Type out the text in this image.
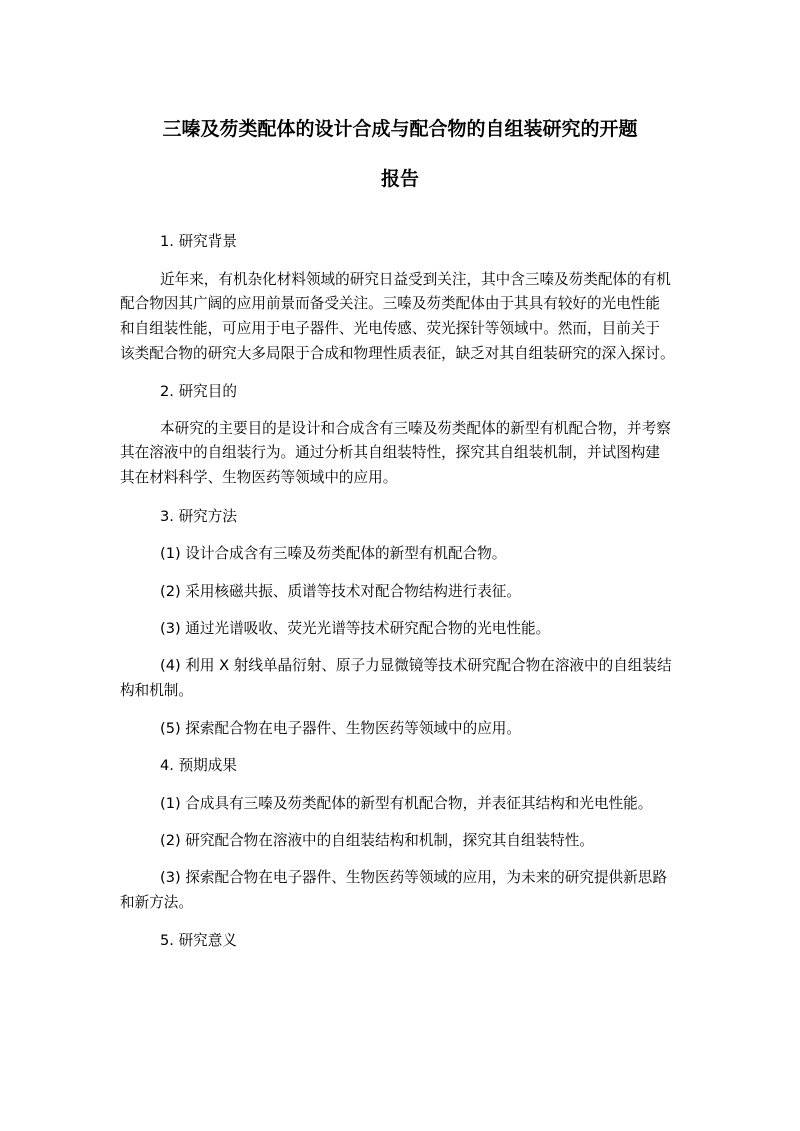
三嗪及芴类配体的设计合成与配合物的自组装研究的开题
报告

1. 研究背景

近年来，有机杂化材料领域的研究日益受到关注，其中含三嗪及芴类配体的有机

配合物因其广阔的应用前景而备受关注。三嗪及芴类配体由于其具有较好的光电性能

和自组装性能，可应用于电子器件、光电传感、荧光探针等领域中。然而，目前关于

该类配合物的研究大多局限于合成和物理性质表征，缺乏对其自组装研究的深入探讨。

2. 研究目的

本研究的主要目的是设计和合成含有三嗪及芴类配体的新型有机配合物，并考察

其在溶液中的自组装行为。通过分析其自组装特性，探究其自组装机制，并试图构建

其在材料科学、生物医药等领域中的应用。

3. 研究方法

(1) 设计合成含有三嗪及芴类配体的新型有机配合物。

(2) 采用核磁共振、质谱等技术对配合物结构进行表征。

(3) 通过光谱吸收、荧光光谱等技术研究配合物的光电性能。

(4) 利用 X 射线单晶衍射、原子力显微镜等技术研究配合物在溶液中的自组装结

构和机制。

(5) 探索配合物在电子器件、生物医药等领域中的应用。

4. 预期成果

(1) 合成具有三嗪及芴类配体的新型有机配合物，并表征其结构和光电性能。

(2) 研究配合物在溶液中的自组装结构和机制，探究其自组装特性。

(3) 探索配合物在电子器件、生物医药等领域的应用，为未来的研究提供新思路

和新方法。

5. 研究意义
